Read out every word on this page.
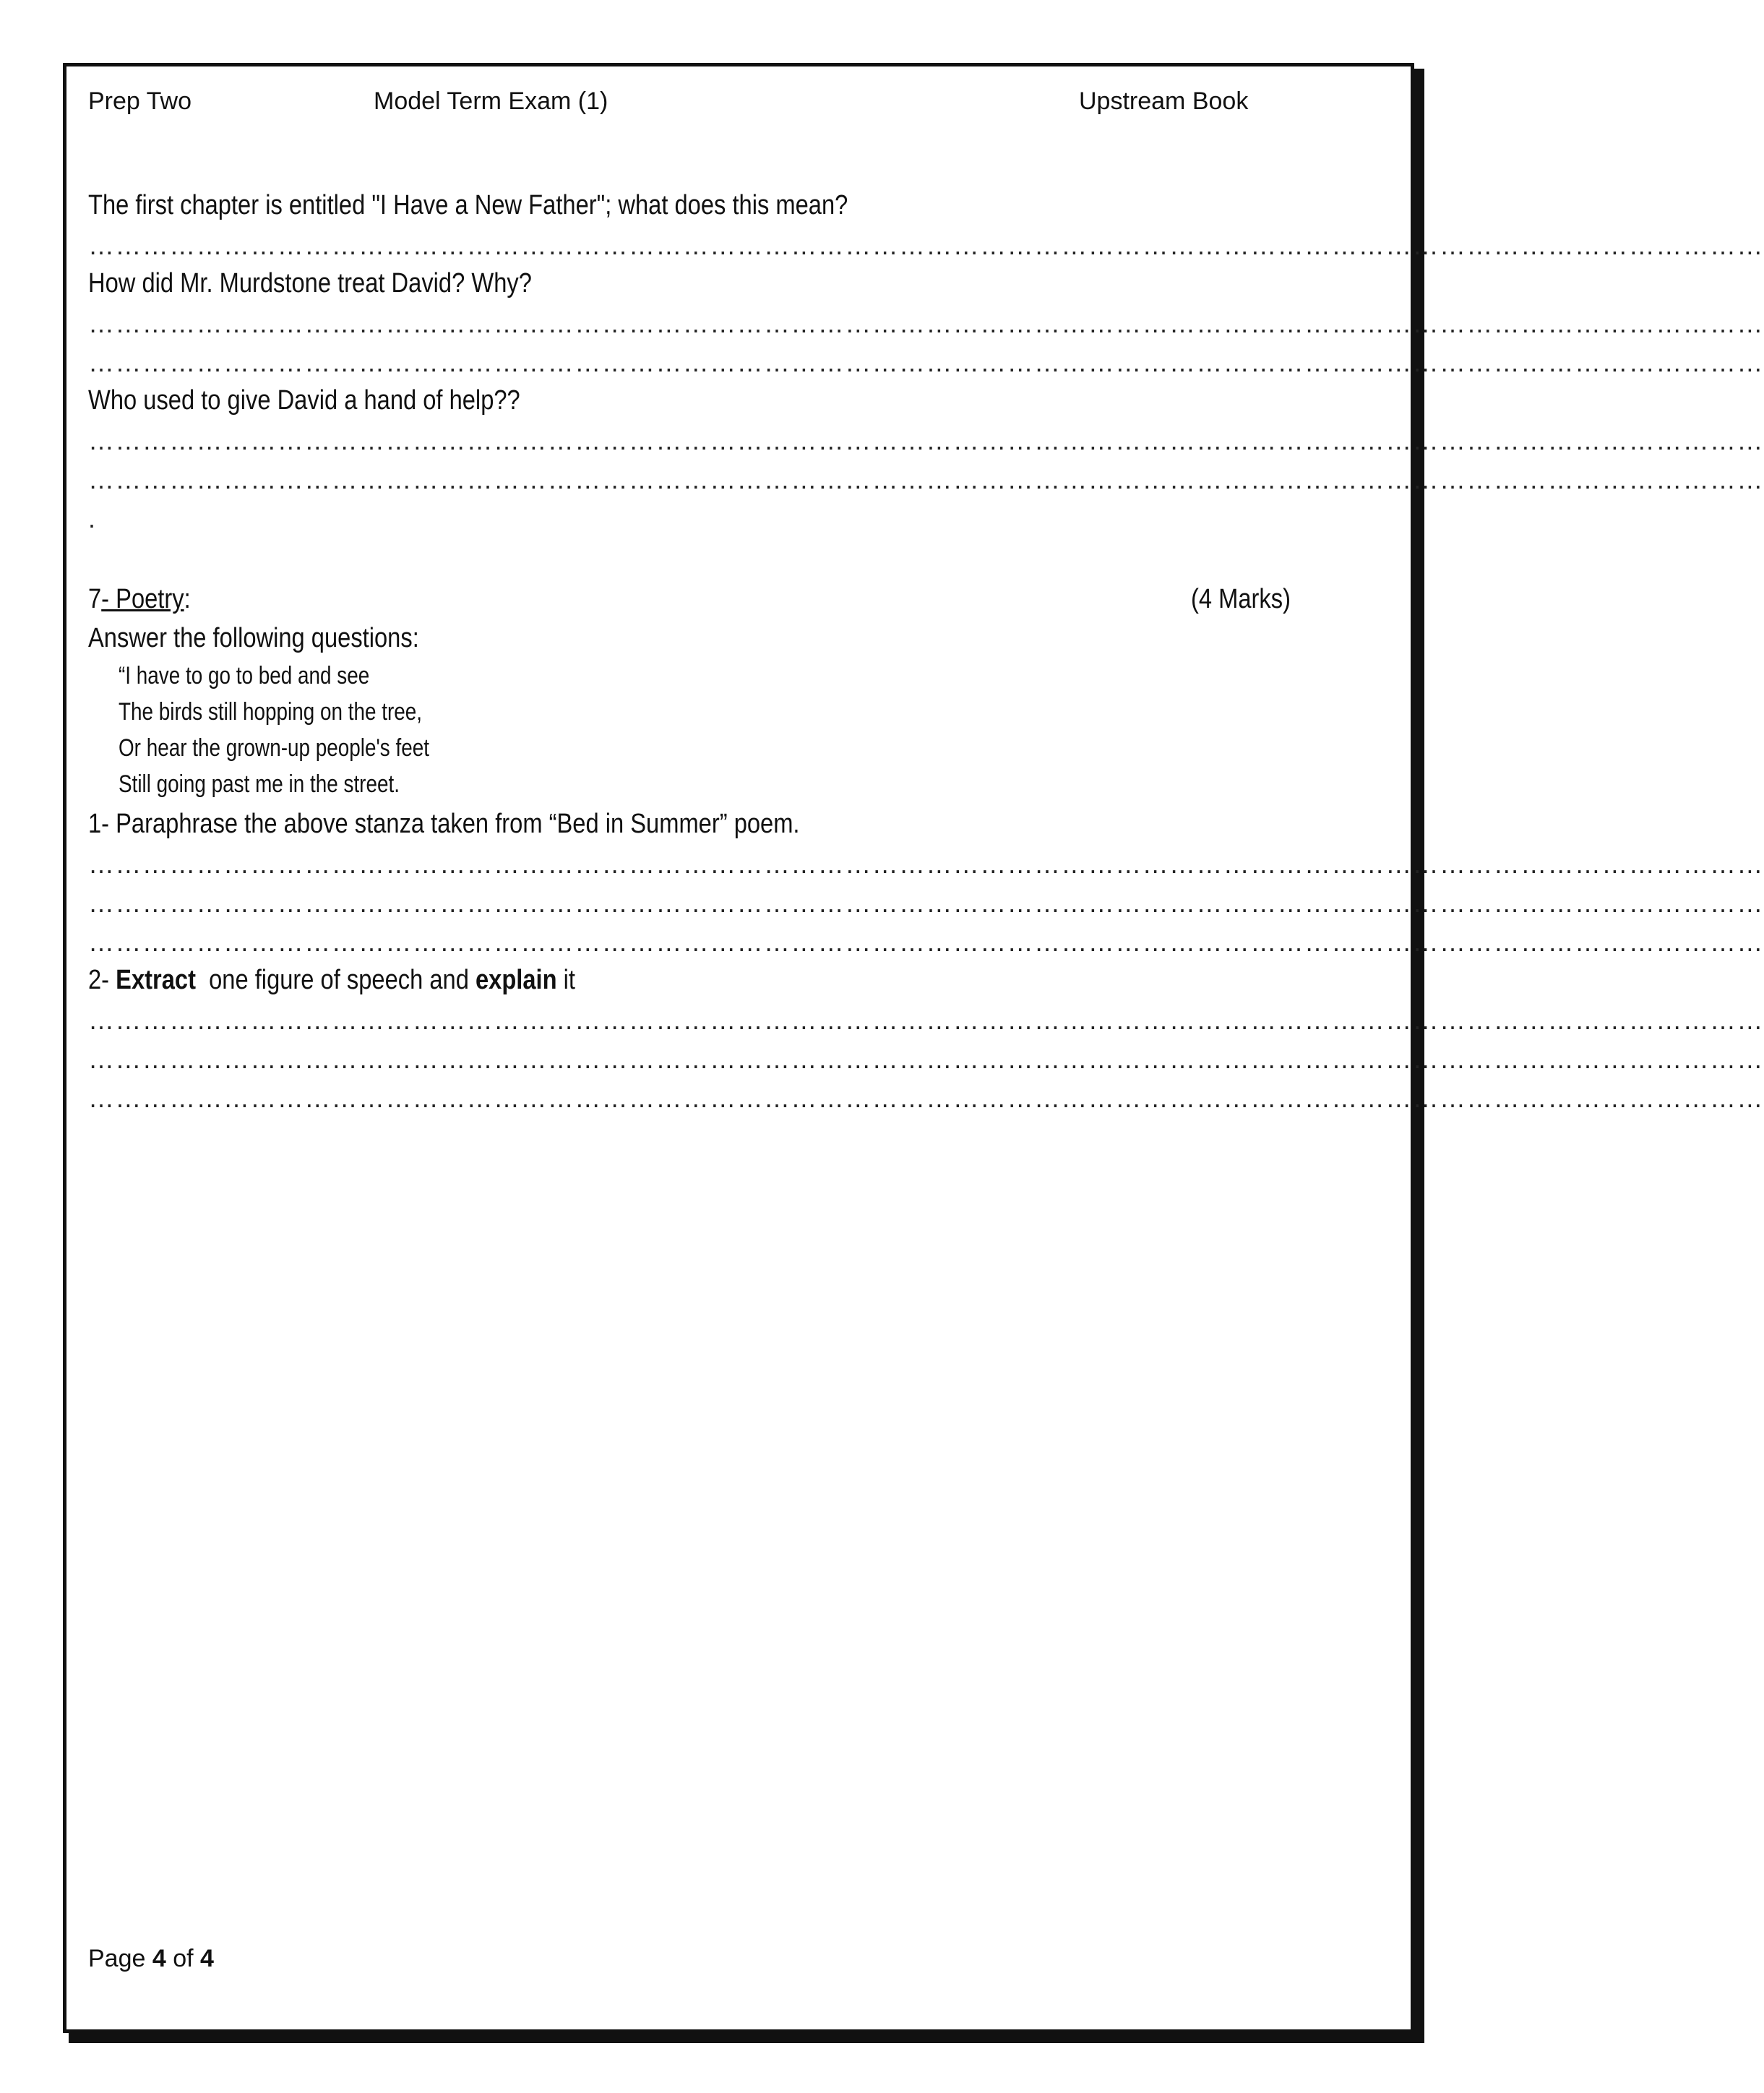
Prep Two	Model Term Exam (1)	Upstream Book
The first chapter is entitled "I Have a New Father"; what does this mean?
……………………………………………………………………………………………………………………………………………………………………
How did Mr. Murdstone treat David? Why?
……………………………………………………………………………………………………………………………………………………………………
……………………………………………………………………………………………………………………………………………………………………
Who used to give David a hand of help??
……………………………………………………………………………………………………………………………………………………………………
……………………………………………………………………………………………………………………………………………………………………
.
7- Poetry:	(4 Marks)
Answer the following questions:
“I have to go to bed and see
The birds still hopping on the tree,
Or hear the grown-up people's feet
Still going past me in the street.
1- Paraphrase the above stanza taken from “Bed in Summer” poem.
……………………………………………………………………………………………………………………………………………………………………
……………………………………………………………………………………………………………………………………………………………………
……………………………………………………………………………………………………………………………………………………………………
2- Extract one figure of speech and explain it
……………………………………………………………………………………………………………………………………………………………………
……………………………………………………………………………………………………………………………………………………………………
……………………………………………………………………………………………………………………………………………………………………
Page 4 of 4
